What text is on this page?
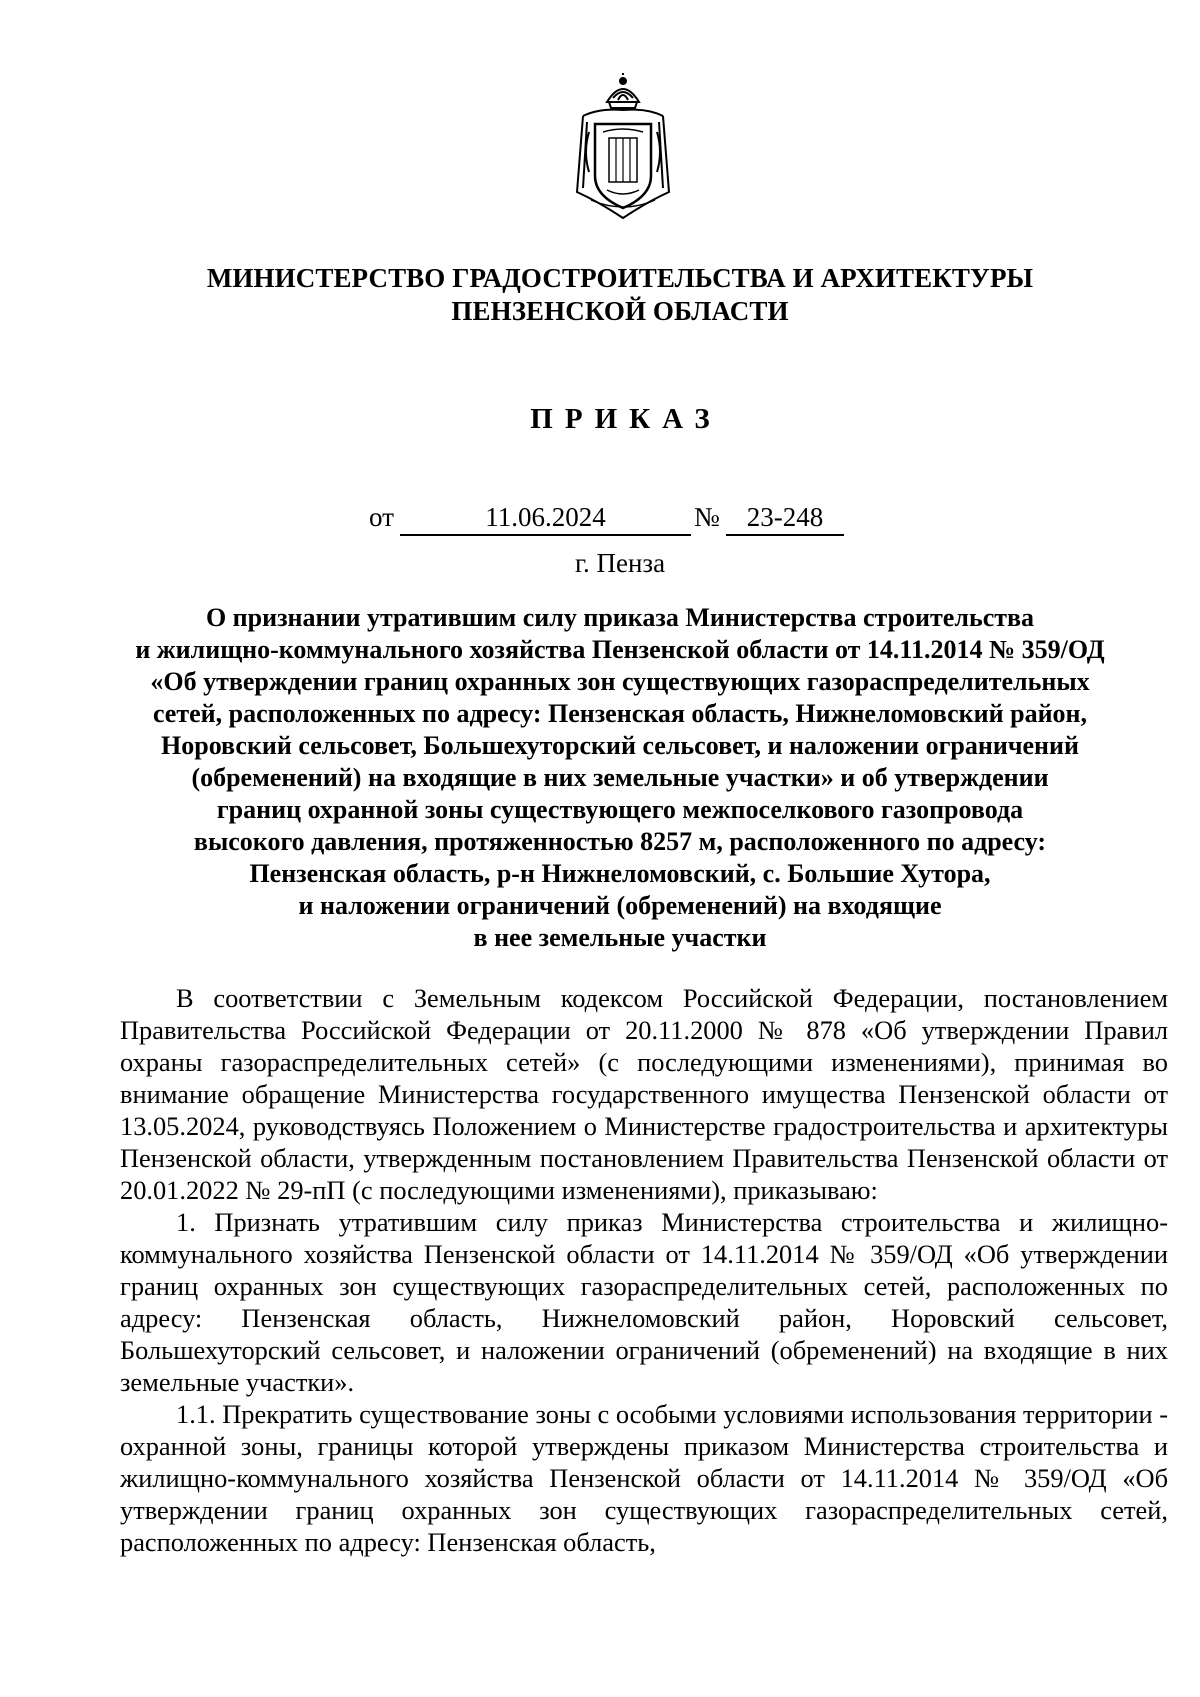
МИНИСТЕРСТВО ГРАДОСТРОИТЕЛЬСТВА И АРХИТЕКТУРЫ
ПЕНЗЕНСКОЙ ОБЛАСТИ
ПРИКАЗ
от	11.06.2024	№ 23-248
г. Пенза
О признании утратившим силу приказа Министерства строительства
и жилищно-коммунального хозяйства Пензенской области от 14.11.2014 № 359/ОД
«Об утверждении границ охранных зон существующих газораспределительных
сетей, расположенных по адресу: Пензенская область, Нижнеломовский район,
Норовский сельсовет, Большехуторский сельсовет, и наложении ограничений
(обременений) на входящие в них земельные участки» и об утверждении
границ охранной зоны существующего межпоселкового газопровода
высокого давления, протяженностью 8257 м, расположенного по адресу:
Пензенская область, р-н Нижнеломовский, с. Большие Хутора,
и наложении ограничений (обременений) на входящие
в нее земельные участки

В соответствии с Земельным кодексом Российской Федерации, постановлением Правительства Российской Федерации от 20.11.2000 № 878 «Об утверждении Правил охраны газораспределительных сетей» (с последующими изменениями), принимая во внимание обращение Министерства государственного имущества Пензенской области от 13.05.2024, руководствуясь Положением о Министерстве градостроительства и архитектуры Пензенской области, утвержденным постановлением Правительства Пензенской области от 20.01.2022 № 29-пП (с последующими изменениями), приказываю:

1. Признать утратившим силу приказ Министерства строительства и жилищно-коммунального хозяйства Пензенской области от 14.11.2014 № 359/ОД «Об утверждении границ охранных зон существующих газораспределительных сетей, расположенных по адресу: Пензенская область, Нижнеломовский район, Норовский сельсовет, Большехуторский сельсовет, и наложении ограничений (обременений) на входящие в них земельные участки».

1.1. Прекратить существование зоны с особыми условиями использования территории - охранной зоны, границы которой утверждены приказом Министерства строительства и жилищно-коммунального хозяйства Пензенской области от 14.11.2014 № 359/ОД «Об утверждении границ охранных зон существующих газораспределительных сетей, расположенных по адресу: Пензенская область,
